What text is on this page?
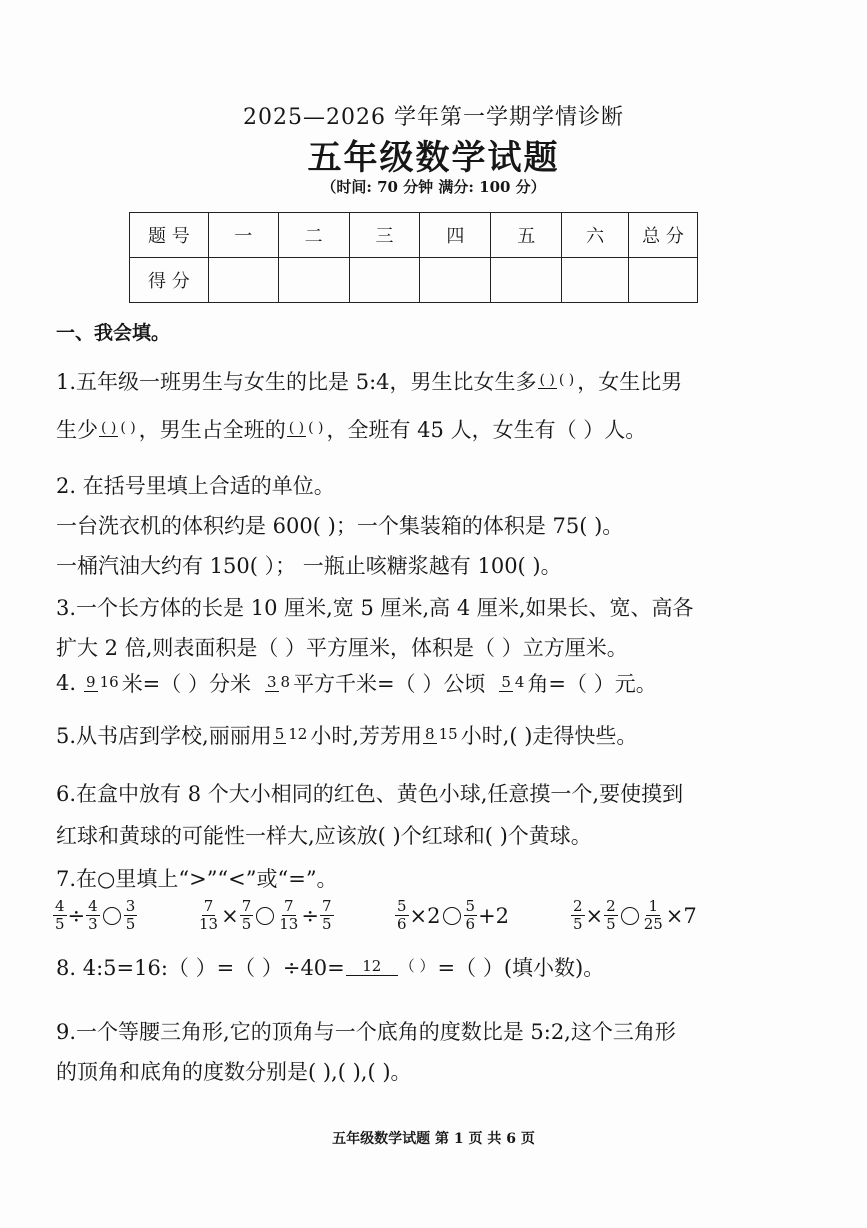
2025—2026 学年第一学期学情诊断
五年级数学试题
（时间: 70 分钟 满分: 100 分）
题 号	一	二	三	四	五	六	总 分
得 分							
一、我会填。
1.五年级一班男生与女生的比是 5:4，男生比女生多 ( ) ( ) ，女生比男
生少 ( ) ( ) ，男生占全班的 ( ) ( ) ，全班有 45 人，女生有（ ）人。
2. 在括号里填上合适的单位。
一台洗衣机的体积约是 600( )；一个集装箱的体积是 75( )。
一桶汽油大约有 150( ）； 一瓶止咳糖浆越有 100( )。
3.一个长方体的长是 10 厘米,宽 5 厘米,高 4 厘米,如果长、宽、高各
扩大 2 倍,则表面积是（ ）平方厘米，体积是（ ）立方厘米。
4. 9 16 米=（ ）分米 3 8 平方千米=（ ）公顷 5 4 角=（ ）元。
5.从书店到学校,丽丽用 5 12 小时,芳芳用 8 15 小时,( )走得快些。
6.在盒中放有 8 个大小相同的红色、黄色小球,任意摸一个,要使摸到
红球和黄球的可能性一样大,应该放( )个红球和( )个黄球。
7.在○里填上“>”“<”或“=”。
$\frac{4}{5} \div \frac{4}{3} \frac{3}{5}$	$\frac{7}{13} \times \frac{7}{5} \frac{7}{13} \div \frac{7}{5}$	$\frac{5}{6} \times 2 \frac{5}{6} +2$	$\frac{2}{5} \times \frac{2}{5} \frac{1}{25} \times 7$
8. 4:5=16:（ ）=（ ）÷40=	12 （ ） =（ ）(填小数)。
9.一个等腰三角形,它的顶角与一个底角的度数比是 5:2,这个三角形
的顶角和底角的度数分别是( ),( ),( )。
五年级数学试题 第 1 页 共 6 页
